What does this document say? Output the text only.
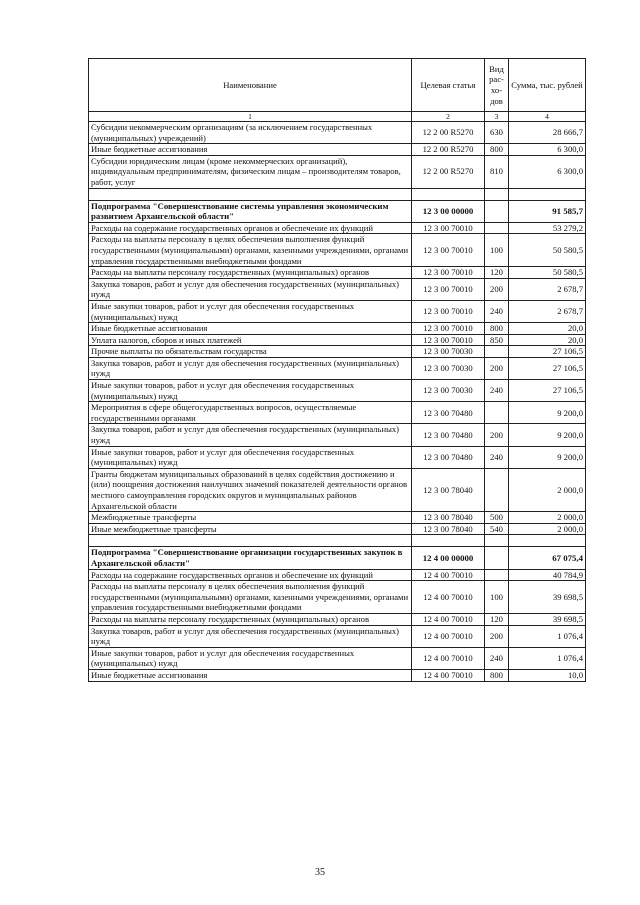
Наименование	Целевая статья	Вид рас-хо-дов	Сумма, тыс. рублей
1	2	3	4
Субсидии некоммерческим организациям (за исключением государственных (муниципальных) учреждений)	12 2 00 R5270	630	28 666,7
Иные бюджетные ассигнования	12 2 00 R5270	800	6 300,0
Субсидии юридическим лицам (кроме некоммерческих организаций), индивидуальным предпринимателям, физическим лицам – производителям товаров, работ, услуг	12 2 00 R5270	810	6 300,0

Подпрограмма "Совершенствование системы управления экономическим развитием Архангельской области"	12 3 00 00000		91 585,7
Расходы на содержание государственных органов и обеспечение их функций	12 3 00 70010		53 279,2
Расходы на выплаты персоналу в целях обеспечения выполнения функций государственными (муниципальными) органами, казенными учреждениями, органами управления государственными внебюджетными фондами	12 3 00 70010	100	50 580,5
Расходы на выплаты персоналу государственных (муниципальных) органов	12 3 00 70010	120	50 580,5
Закупка товаров, работ и услуг для обеспечения государственных (муниципальных) нужд	12 3 00 70010	200	2 678,7
Иные закупки товаров, работ и услуг для обеспечения государственных (муниципальных) нужд	12 3 00 70010	240	2 678,7
Иные бюджетные ассигнования	12 3 00 70010	800	20,0
Уплата налогов, сборов и иных платежей	12 3 00 70010	850	20,0
Прочие выплаты по обязательствам государства	12 3 00 70030		27 106,5
Закупка товаров, работ и услуг для обеспечения государственных (муниципальных) нужд	12 3 00 70030	200	27 106,5
Иные закупки товаров, работ и услуг для обеспечения государственных (муниципальных) нужд	12 3 00 70030	240	27 106,5
Мероприятия в сфере общегосударственных вопросов, осуществляемые государственными органами	12 3 00 70480		9 200,0
Закупка товаров, работ и услуг для обеспечения государственных (муниципальных) нужд	12 3 00 70480	200	9 200,0
Иные закупки товаров, работ и услуг для обеспечения государственных (муниципальных) нужд	12 3 00 70480	240	9 200,0
Гранты бюджетам муниципальных образований в целях содействия достижению и (или) поощрения достижения наилучших значений показателей деятельности органов местного самоуправления городских округов и муниципальных районов Архангельской области	12 3 00 78040		2 000,0
Межбюджетные трансферты	12 3 00 78040	500	2 000,0
Иные межбюджетные трансферты	12 3 00 78040	540	2 000,0

Подпрограмма "Совершенствование организации государственных закупок в Архангельской области"	12 4 00 00000		67 075,4
Расходы на содержание государственных органов и обеспечение их функций	12 4 00 70010		40 784,9
Расходы на выплаты персоналу в целях обеспечения выполнения функций государственными (муниципальными) органами, казенными учреждениями, органами управления государственными внебюджетными фондами	12 4 00 70010	100	39 698,5
Расходы на выплаты персоналу государственных (муниципальных) органов	12 4 00 70010	120	39 698,5
Закупка товаров, работ и услуг для обеспечения государственных (муниципальных) нужд	12 4 00 70010	200	1 076,4
Иные закупки товаров, работ и услуг для обеспечения государственных (муниципальных) нужд	12 4 00 70010	240	1 076,4
Иные бюджетные ассигнования	12 4 00 70010	800	10,0
35
